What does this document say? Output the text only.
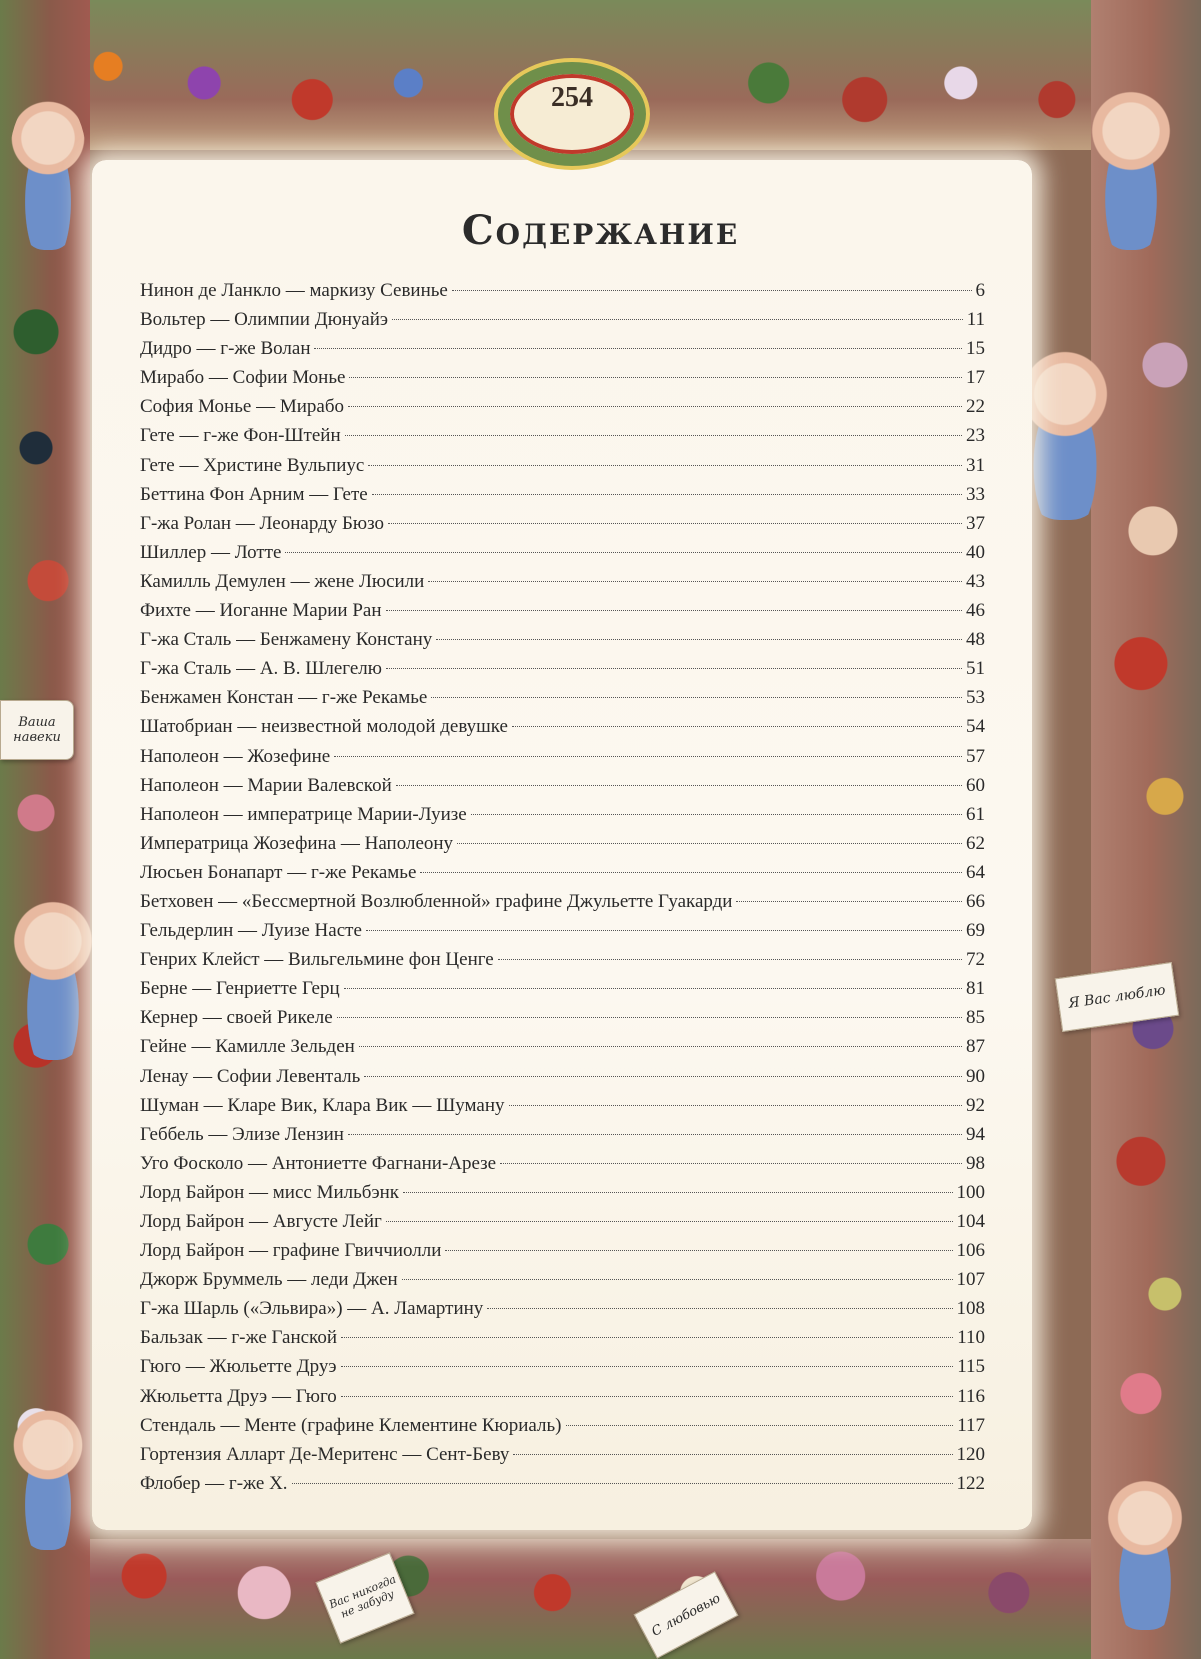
254
Содержание
Нинон де Ланкло — маркизу Севинье	6
Вольтер — Олимпии Дюнуайэ	11
Дидро — г-же Волан	15
Мирабо — Софии Монье	17
София Монье — Мирабо	22
Гете — г-же Фон-Штейн	23
Гете — Христине Вульпиус	31
Беттина Фон Арним — Гете	33
Г-жа Ролан — Леонарду Бюзо	37
Шиллер — Лотте	40
Камилль Демулен — жене Люсили	43
Фихте — Иоганне Марии Ран	46
Г-жа Сталь — Бенжамену Констану	48
Г-жа Сталь — А. В. Шлегелю	51
Бенжамен Констан — г-же Рекамье	53
Шатобриан — неизвестной молодой девушке	54
Наполеон — Жозефине	57
Наполеон — Марии Валевской	60
Наполеон — императрице Марии-Луизе	61
Императрица Жозефина — Наполеону	62
Люсьен Бонапарт — г-же Рекамье	64
Бетховен — «Бессмертной Возлюбленной» графине Джульетте Гуакарди	66
Гельдерлин — Луизе Насте	69
Генрих Клейст — Вильгельмине фон Ценге	72
Берне — Генриетте Герц	81
Кернер — своей Рикеле	85
Гейне — Камилле Зельден	87
Ленау — Софии Левенталь	90
Шуман — Кларе Вик, Клара Вик — Шуману	92
Геббель — Элизе Лензин	94
Уго Фосколо — Антониетте Фагнани-Арезе	98
Лорд Байрон — мисс Мильбэнк	100
Лорд Байрон — Августе Лейг	104
Лорд Байрон — графине Гвиччиолли	106
Джорж Бруммель — леди Джен	107
Г-жа Шарль («Эльвира») — А. Ламартину	108
Бальзак — г-же Ганской	110
Гюго — Жюльетте Друэ	115
Жюльетта Друэ — Гюго	116
Стендаль — Менте (графине Клементине Кюриаль)	117
Гортензия Алларт Де-Меритенс — Сент-Беву	120
Флобер — г-же Х.	122
Ваша навеки
Я Вас люблю
Вас никогда не забуду	С любовью
